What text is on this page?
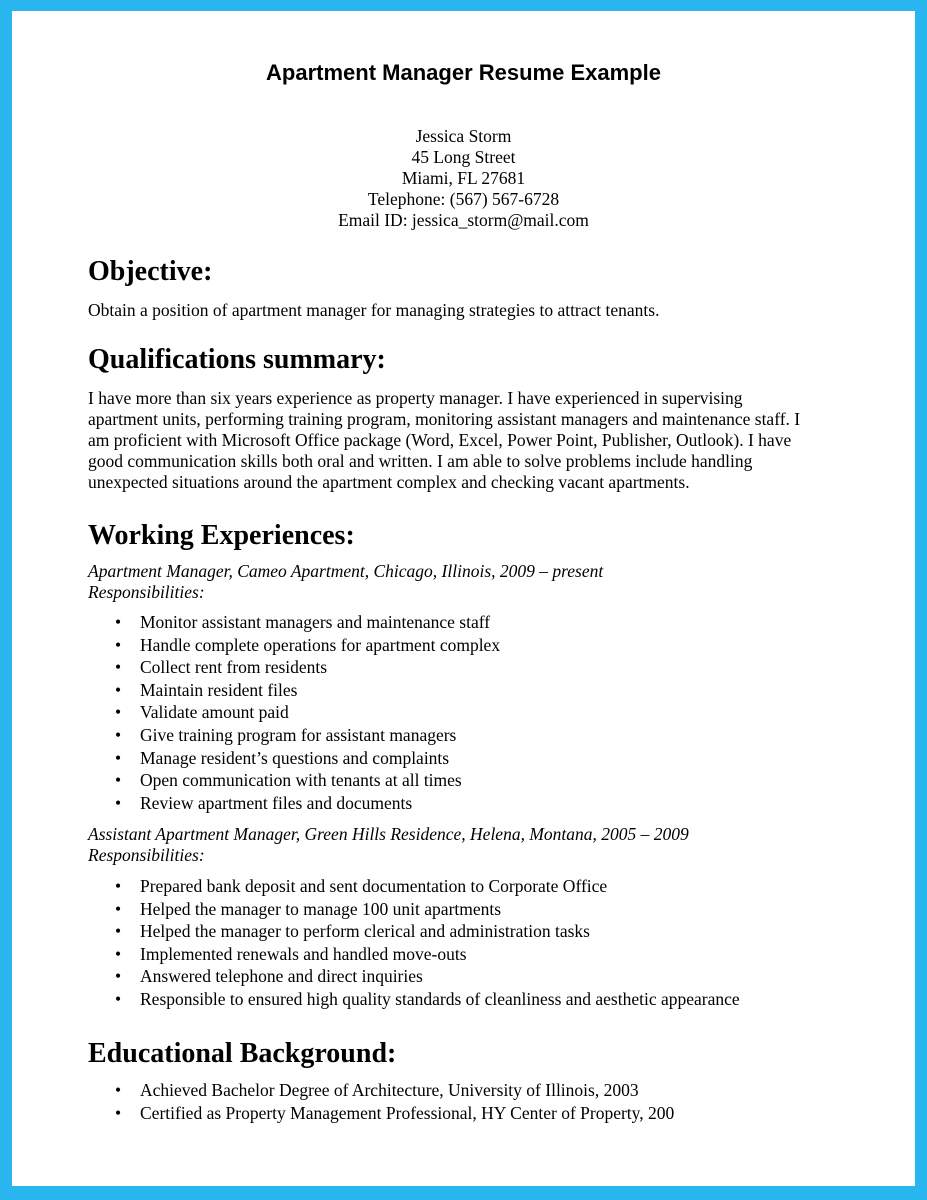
Apartment Manager Resume Example
Jessica Storm
45 Long Street
Miami, FL 27681
Telephone: (567) 567-6728
Email ID: jessica_storm@mail.com
Objective:
Obtain a position of apartment manager for managing strategies to attract tenants.
Qualifications summary:
I have more than six years experience as property manager. I have experienced in supervising
apartment units, performing training program, monitoring assistant managers and maintenance staff. I
am proficient with Microsoft Office package (Word, Excel, Power Point, Publisher, Outlook). I have
good communication skills both oral and written. I am able to solve problems include handling
unexpected situations around the apartment complex and checking vacant apartments.
Working Experiences:
Apartment Manager, Cameo Apartment, Chicago, Illinois, 2009 – present
Responsibilities:
• Monitor assistant managers and maintenance staff
• Handle complete operations for apartment complex
• Collect rent from residents
• Maintain resident files
• Validate amount paid
• Give training program for assistant managers
• Manage resident’s questions and complaints
• Open communication with tenants at all times
• Review apartment files and documents
Assistant Apartment Manager, Green Hills Residence, Helena, Montana, 2005 – 2009
Responsibilities:
• Prepared bank deposit and sent documentation to Corporate Office
• Helped the manager to manage 100 unit apartments
• Helped the manager to perform clerical and administration tasks
• Implemented renewals and handled move-outs
• Answered telephone and direct inquiries
• Responsible to ensured high quality standards of cleanliness and aesthetic appearance
Educational Background:
• Achieved Bachelor Degree of Architecture, University of Illinois, 2003
• Certified as Property Management Professional, HY Center of Property, 200
